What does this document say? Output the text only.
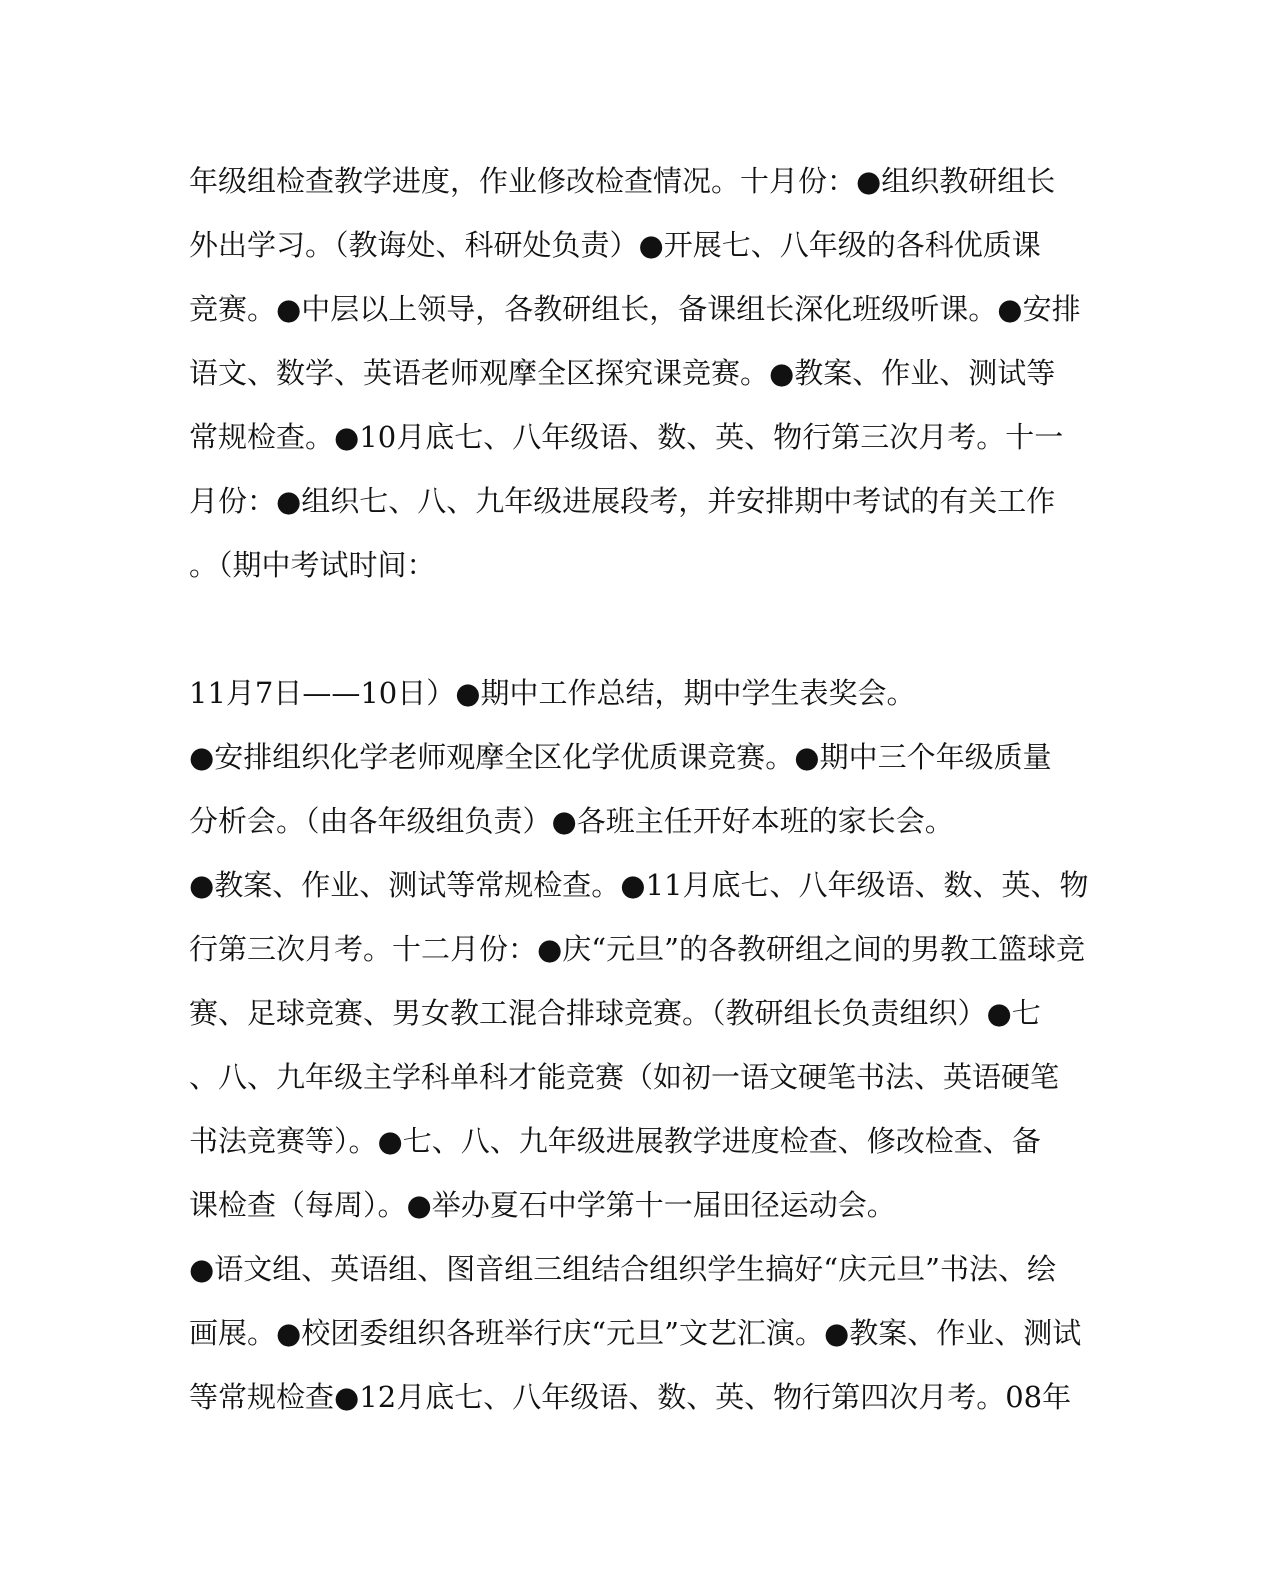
年级组检查教学进度，作业修改检查情况。十月份：●组织教研组长
外出学习。（教诲处、科研处负责）●开展七、八年级的各科优质课
竞赛。●中层以上领导，各教研组长，备课组长深化班级听课。●安排
语文、数学、英语老师观摩全区探究课竞赛。●教案、作业、测试等
常规检查。●10月底七、八年级语、数、英、物行第三次月考。十一
月份：●组织七、八、九年级进展段考，并安排期中考试的有关工作
。（期中考试时间：
11月7日——10日）●期中工作总结，期中学生表奖会。
●安排组织化学老师观摩全区化学优质课竞赛。●期中三个年级质量
分析会。（由各年级组负责）●各班主任开好本班的家长会。
●教案、作业、测试等常规检查。●11月底七、八年级语、数、英、物
行第三次月考。十二月份：●庆“元旦”的各教研组之间的男教工篮球竞
赛、足球竞赛、男女教工混合排球竞赛。（教研组长负责组织）●七
、八、九年级主学科单科才能竞赛（如初一语文硬笔书法、英语硬笔
书法竞赛等）。●七、八、九年级进展教学进度检查、修改检查、备
课检查（每周）。●举办夏石中学第十一届田径运动会。
●语文组、英语组、图音组三组结合组织学生搞好“庆元旦”书法、绘
画展。●校团委组织各班举行庆“元旦”文艺汇演。●教案、作业、测试
等常规检查●12月底七、八年级语、数、英、物行第四次月考。08年
